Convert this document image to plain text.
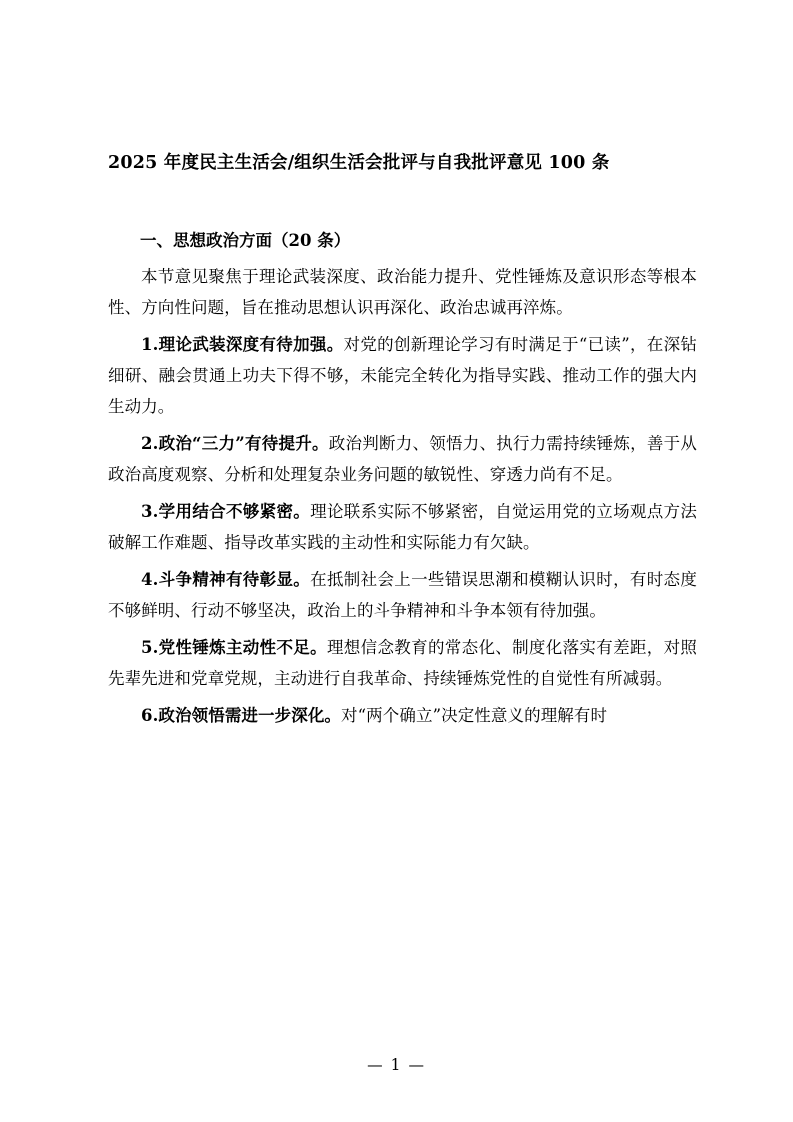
2025 年度民主生活会/组织生活会批评与自我批评意见 100 条
一、思想政治方面（20 条）

本节意见聚焦于理论武装深度、政治能力提升、党性锤炼及意识形态等根本性、方向性问题，旨在推动思想认识再深化、政治忠诚再淬炼。

1.理论武装深度有待加强。对党的创新理论学习有时满足于“已读”，在深钻细研、融会贯通上功夫下得不够，未能完全转化为指导实践、推动工作的强大内生动力。

2.政治“三力”有待提升。政治判断力、领悟力、执行力需持续锤炼，善于从政治高度观察、分析和处理复杂业务问题的敏锐性、穿透力尚有不足。

3.学用结合不够紧密。理论联系实际不够紧密，自觉运用党的立场观点方法破解工作难题、指导改革实践的主动性和实际能力有欠缺。

4.斗争精神有待彰显。在抵制社会上一些错误思潮和模糊认识时，有时态度不够鲜明、行动不够坚决，政治上的斗争精神和斗争本领有待加强。

5.党性锤炼主动性不足。理想信念教育的常态化、制度化落实有差距，对照先辈先进和党章党规，主动进行自我革命、持续锤炼党性的自觉性有所减弱。

6.政治领悟需进一步深化。对“两个确立”决定性意义的理解有时

— 1 —
